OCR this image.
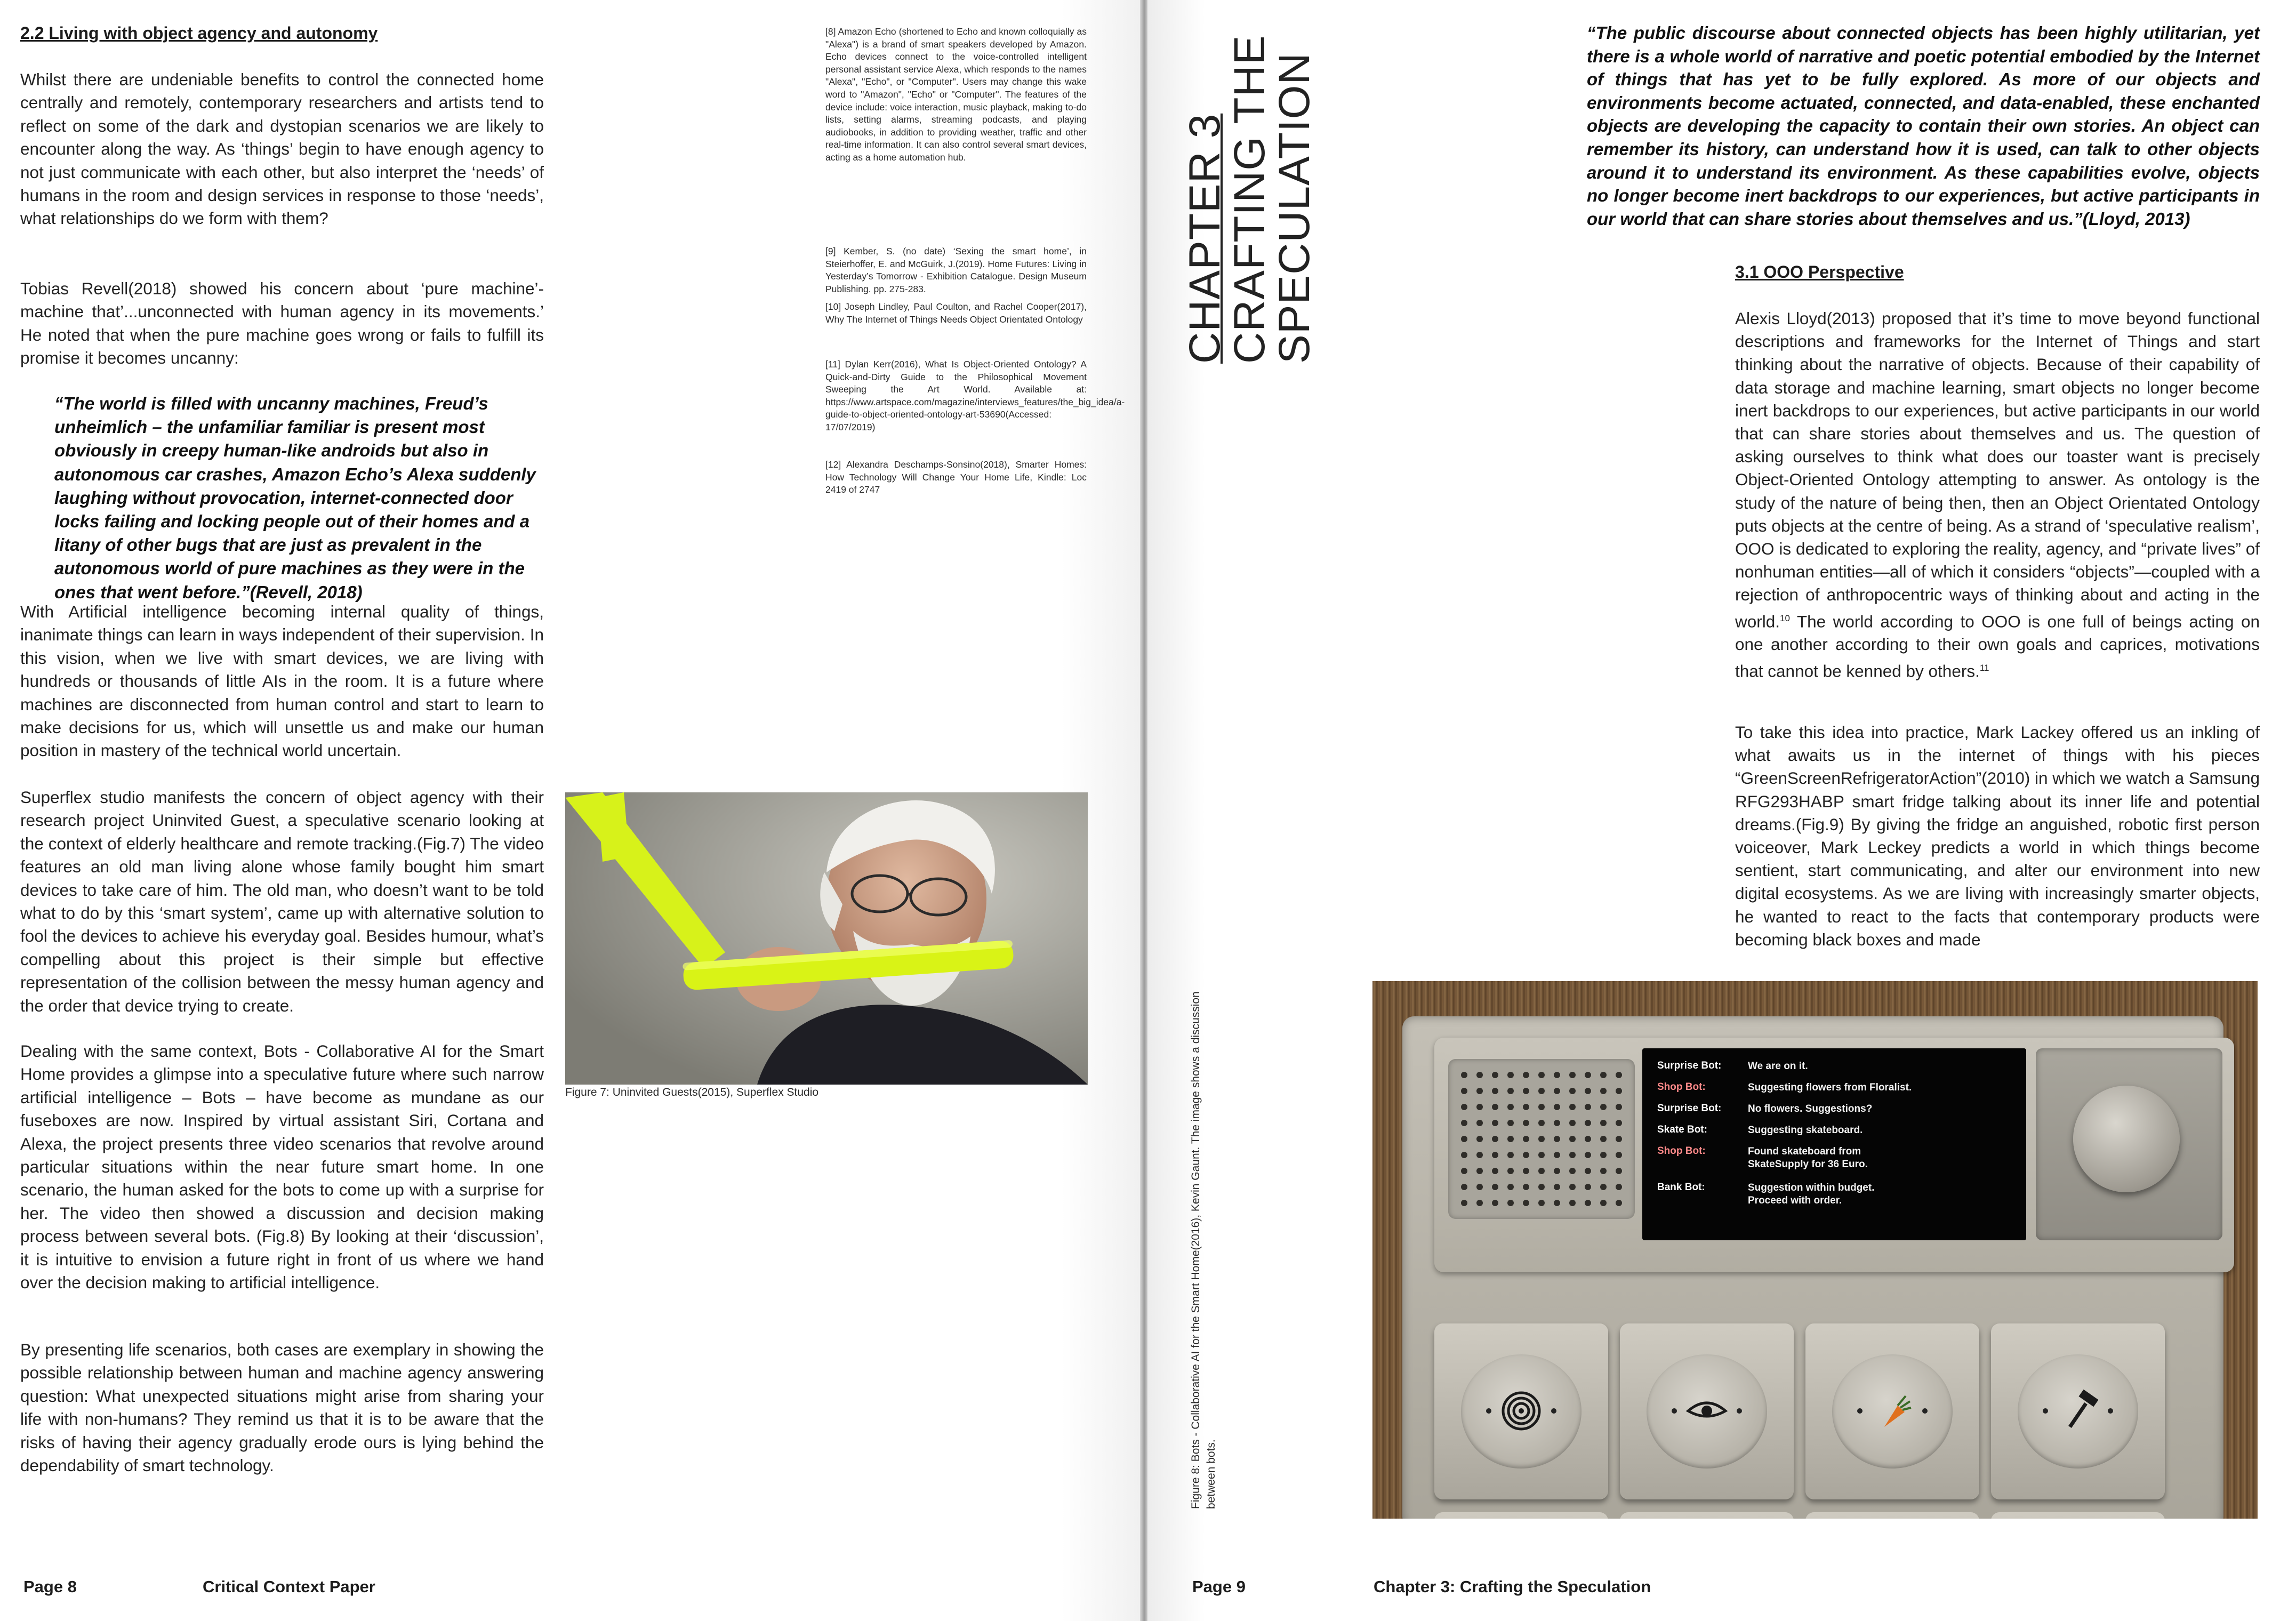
2.2 Living with object agency and autonomy

Whilst there are undeniable benefits to control the connected home centrally and remotely, contemporary researchers and artists tend to reflect on some of the dark and dystopian scenarios we are likely to encounter along the way. As ‘things’ begin to have enough agency to not just communicate with each other, but also interpret the ‘needs’ of humans in the room and design services in response to those ‘needs’, what relationships do we form with them?

Tobias Revell(2018) showed his concern about ‘pure machine’- machine that’...unconnected with human agency in its movements.’ He noted that when the pure machine goes wrong or fails to fulfill its promise it becomes uncanny:

“The world is filled with uncanny machines, Freud’s unheimlich – the unfamiliar familiar is present most obviously in creepy human-like androids but also in autonomous car crashes, Amazon Echo’s Alexa suddenly laughing without provocation, internet-connected door locks failing and locking people out of their homes and a litany of other bugs that are just as prevalent in the autonomous world of pure machines as they were in the ones that went before.”(Revell, 2018)

With Artificial intelligence becoming internal quality of things, inanimate things can learn in ways independent of their supervision. In this vision, when we live with smart devices, we are living with hundreds or thousands of little AIs in the room. It is a future where machines are disconnected from human control and start to learn to make decisions for us, which will unsettle us and make our human position in mastery of the technical world uncertain.

Superflex studio manifests the concern of object agency with their research project Uninvited Guest, a speculative scenario looking at the context of elderly healthcare and remote tracking.(Fig.7) The video features an old man living alone whose family bought him smart devices to take care of him. The old man, who doesn’t want to be told what to do by this ‘smart system’, came up with alternative solution to fool the devices to achieve his everyday goal. Besides humour, what’s compelling about this project is their simple but effective representation of the collision between the messy human agency and the order that device trying to create.

Dealing with the same context, Bots - Collaborative AI for the Smart Home provides a glimpse into a speculative future where such narrow artificial intelligence – Bots – have become as mundane as our fuseboxes are now. Inspired by virtual assistant Siri, Cortana and Alexa, the project presents three video scenarios that revolve around particular situations within the near future smart home. In one scenario, the human asked for the bots to come up with a surprise for her. The video then showed a discussion and decision making process between several bots. (Fig.8) By looking at their ‘discussion’, it is intuitive to envision a future right in front of us where we hand over the decision making to artificial intelligence.

By presenting life scenarios, both cases are exemplary in showing the possible relationship between human and machine agency answering question: What unexpected situations might arise from sharing your life with non-humans? They remind us that it is to be aware that the risks of having their agency gradually erode ours is lying behind the dependability of smart technology.

[8] Amazon Echo (shortened to Echo and known colloquially as "Alexa") is a brand of smart speakers developed by Amazon. Echo devices connect to the voice-controlled intelligent personal assistant service Alexa, which responds to the names "Alexa", "Echo", or "Computer". Users may change this wake word to "Amazon", "Echo" or "Computer". The features of the device include: voice interaction, music playback, making to-do lists, setting alarms, streaming podcasts, and playing audiobooks, in addition to providing weather, traffic and other real-time information. It can also control several smart devices, acting as a home automation hub.

[9] Kember, S. (no date) ‘Sexing the smart home’, in Steierhoffer, E. and McGuirk, J.(2019). Home Futures: Living in Yesterday’s Tomorrow - Exhibition Catalogue. Design Museum Publishing. pp. 275-283.

[10] Joseph Lindley, Paul Coulton, and Rachel Cooper(2017), Why The Internet of Things Needs Object Orientated Ontology

[11] Dylan Kerr(2016), What Is Object-Oriented Ontology? A Quick-and-Dirty Guide to the Philosophical Movement Sweeping the Art World. Available at: https://www.artspace.com/magazine/interviews_features/the_big_idea/a-guide-to-object-oriented-ontology-art-53690(Accessed: 17/07/2019)

[12] Alexandra Deschamps-Sonsino(2018), Smarter Homes: How Technology Will Change Your Home Life, Kindle: Loc 2419 of 2747

Figure 7: Uninvited Guests(2015), Superflex Studio

Page 8	Critical Context Paper

CHAPTER 3
CRAFTING THE
SPECULATION

“The public discourse about connected objects has been highly utilitarian, yet there is a whole world of narrative and poetic potential embodied by the Internet of things that has yet to be fully explored. As more of our objects and environments become actuated, connected, and data-enabled, these enchanted objects are developing the capacity to contain their own stories. An object can remember its history, can understand how it is used, can talk to other objects around it to understand its environment. As these capabilities evolve, objects no longer become inert backdrops to our experiences, but active participants in our world that can share stories about themselves and us.”(Lloyd, 2013)

3.1 OOO Perspective

Alexis Lloyd(2013) proposed that it’s time to move beyond functional descriptions and frameworks for the Internet of Things and start thinking about the narrative of objects. Because of their capability of data storage and machine learning, smart objects no longer become inert backdrops to our experiences, but active participants in our world that can share stories about themselves and us. The question of asking ourselves to think what does our toaster want is precisely Object-Oriented Ontology attempting to answer. As ontology is the study of the nature of being then, then an Object Orientated Ontology puts objects at the centre of being. As a strand of ‘speculative realism’, OOO is dedicated to exploring the reality, agency, and “private lives” of nonhuman entities—all of which it considers “objects”—coupled with a rejection of anthropocentric ways of thinking about and acting in the world.$^{10}$ The world according to OOO is one full of beings acting on one another according to their own goals and caprices, motivations that cannot be kenned by others.$^{11}$

To take this idea into practice, Mark Lackey offered us an inkling of what awaits us in the internet of things with his pieces “GreenScreenRefrigeratorAction”(2010) in which we watch a Samsung RFG293HABP smart fridge talking about its inner life and potential dreams.(Fig.9) By giving the fridge an anguished, robotic first person voiceover, Mark Leckey predicts a world in which things become sentient, start communicating, and alter our environment into new digital ecosystems. As we are living with increasingly smarter objects, he wanted to react to the facts that contemporary products were becoming black boxes and made

Figure 8: Bots - Collaborative AI for the Smart Home(2016), Kevin Gaunt. The image shows a discussion between bots.
Surprise Bot:	We are on it.
Shop Bot:	Suggesting flowers from Floralist.
Surprise Bot:	No flowers. Suggestions?
Skate Bot:	Suggesting skateboard.
Shop Bot:	Found skateboard from SkateSupply for 36 Euro.
Bank Bot:	Suggestion within budget. Proceed with order.

Page 9	Chapter 3: Crafting the Speculation
